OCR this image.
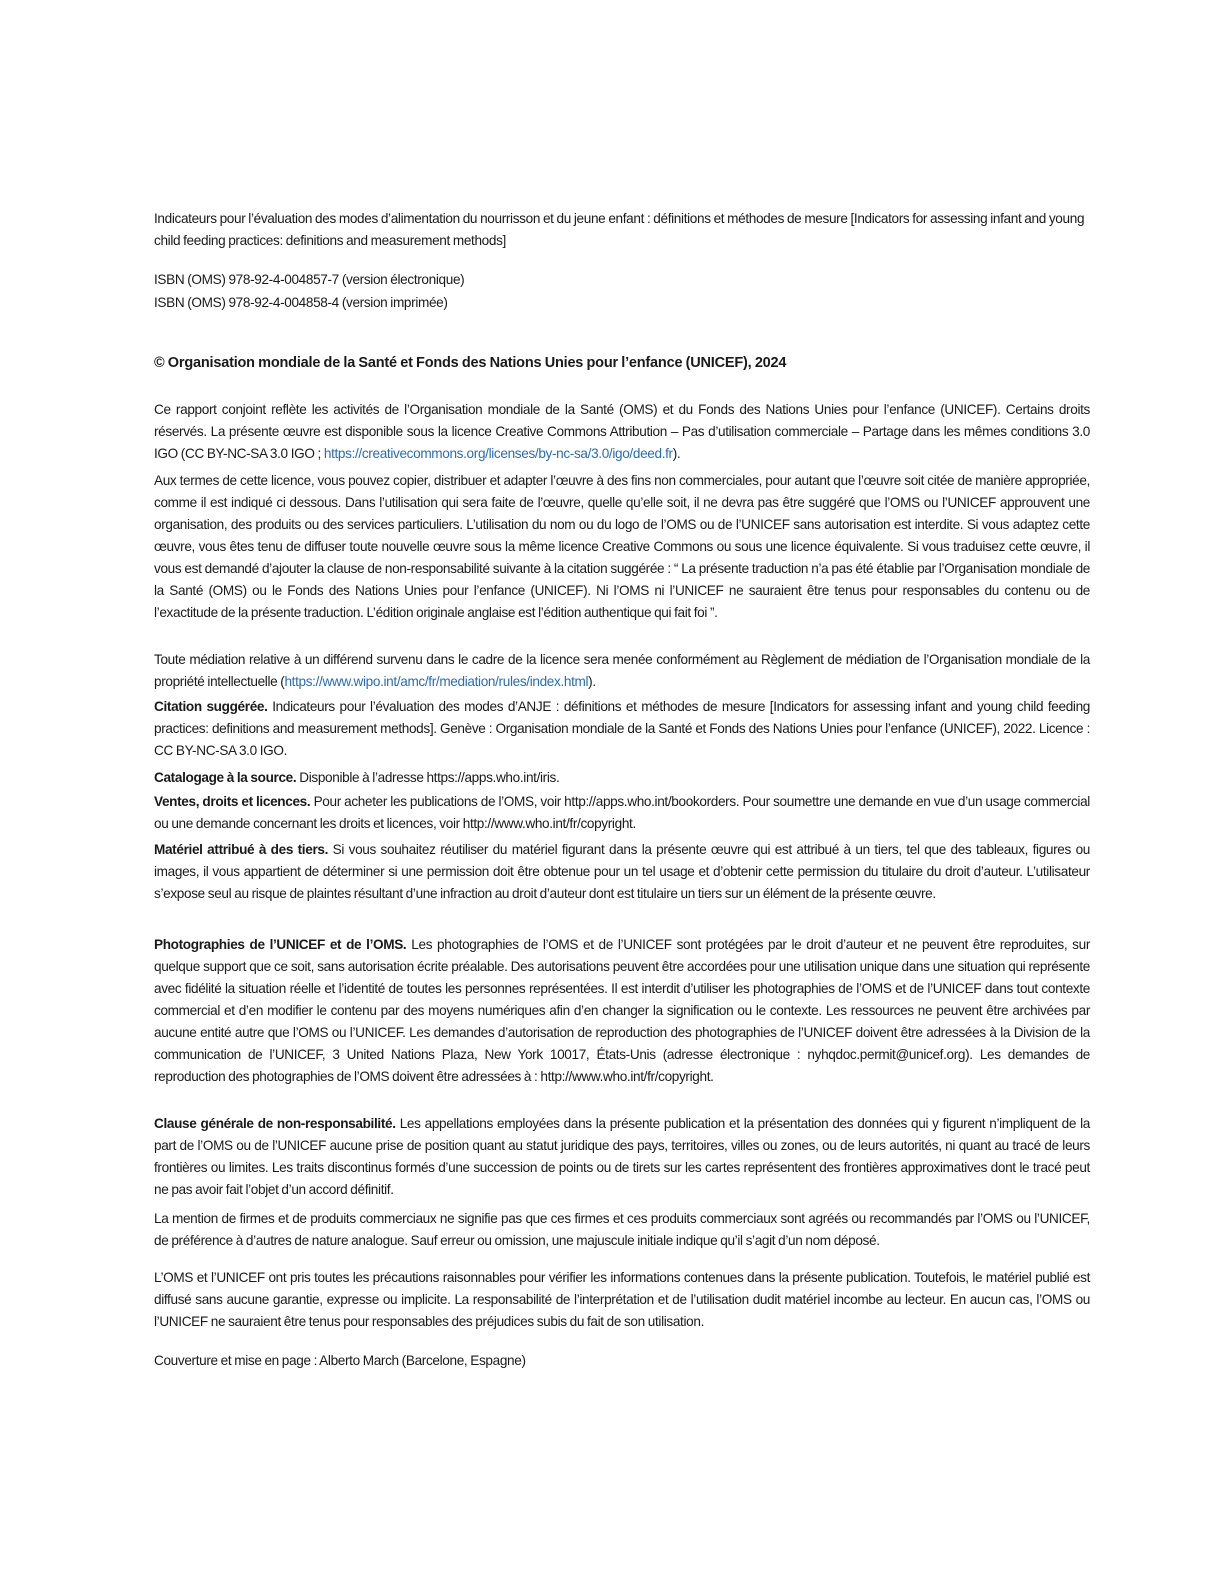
Indicateurs pour l’évaluation des modes d’alimentation du nourrisson et du jeune enfant : définitions et méthodes de mesure [Indicators for assessing infant and young child feeding practices: definitions and measurement methods]
ISBN (OMS) 978-92-4-004857-7 (version électronique)
ISBN (OMS) 978-92-4-004858-4 (version imprimée)
© Organisation mondiale de la Santé et Fonds des Nations Unies pour l’enfance (UNICEF), 2024
Ce rapport conjoint reflète les activités de l’Organisation mondiale de la Santé (OMS) et du Fonds des Nations Unies pour l’enfance (UNICEF). Certains droits réservés. La présente œuvre est disponible sous la licence Creative Commons Attribution – Pas d’utilisation commerciale – Partage dans les mêmes conditions 3.0 IGO (CC BY-NC-SA 3.0 IGO ; https://creativecommons.org/licenses/by-nc-sa/3.0/igo/deed.fr).
Aux termes de cette licence, vous pouvez copier, distribuer et adapter l’œuvre à des fins non commerciales, pour autant que l’œuvre soit citée de manière appropriée, comme il est indiqué ci dessous. Dans l’utilisation qui sera faite de l’œuvre, quelle qu’elle soit, il ne devra pas être suggéré que l’OMS ou l’UNICEF approuvent une organisation, des produits ou des services particuliers. L’utilisation du nom ou du logo de l’OMS ou de l’UNICEF sans autorisation est interdite. Si vous adaptez cette œuvre, vous êtes tenu de diffuser toute nouvelle œuvre sous la même licence Creative Commons ou sous une licence équivalente. Si vous traduisez cette œuvre, il vous est demandé d’ajouter la clause de non-responsabilité suivante à la citation suggérée : “ La présente traduction n’a pas été établie par l’Organisation mondiale de la Santé (OMS) ou le Fonds des Nations Unies pour l’enfance (UNICEF). Ni l’OMS ni l’UNICEF ne sauraient être tenus pour responsables du contenu ou de l’exactitude de la présente traduction. L’édition originale anglaise est l’édition authentique qui fait foi ”.
Toute médiation relative à un différend survenu dans le cadre de la licence sera menée conformément au Règlement de médiation de l’Organisation mondiale de la propriété intellectuelle (https://www.wipo.int/amc/fr/mediation/rules/index.html).
Citation suggérée. Indicateurs pour l’évaluation des modes d’ANJE : définitions et méthodes de mesure [Indicators for assessing infant and young child feeding practices: definitions and measurement methods]. Genève : Organisation mondiale de la Santé et Fonds des Nations Unies pour l’enfance (UNICEF), 2022. Licence : CC BY-NC-SA 3.0 IGO.
Catalogage à la source. Disponible à l’adresse https://apps.who.int/iris.
Ventes, droits et licences. Pour acheter les publications de l’OMS, voir http://apps.who.int/bookorders. Pour soumettre une demande en vue d’un usage commercial ou une demande concernant les droits et licences, voir http://www.who.int/fr/copyright.
Matériel attribué à des tiers. Si vous souhaitez réutiliser du matériel figurant dans la présente œuvre qui est attribué à un tiers, tel que des tableaux, figures ou images, il vous appartient de déterminer si une permission doit être obtenue pour un tel usage et d’obtenir cette permission du titulaire du droit d’auteur. L’utilisateur s’expose seul au risque de plaintes résultant d’une infraction au droit d’auteur dont est titulaire un tiers sur un élément de la présente œuvre.
Photographies de l’UNICEF et de l’OMS. Les photographies de l’OMS et de l’UNICEF sont protégées par le droit d’auteur et ne peuvent être reproduites, sur quelque support que ce soit, sans autorisation écrite préalable. Des autorisations peuvent être accordées pour une utilisation unique dans une situation qui représente avec fidélité la situation réelle et l’identité de toutes les personnes représentées. Il est interdit d’utiliser les photographies de l’OMS et de l’UNICEF dans tout contexte commercial et d’en modifier le contenu par des moyens numériques afin d’en changer la signification ou le contexte. Les ressources ne peuvent être archivées par aucune entité autre que l’OMS ou l’UNICEF. Les demandes d’autorisation de reproduction des photographies de l’UNICEF doivent être adressées à la Division de la communication de l’UNICEF, 3 United Nations Plaza, New York 10017, États-Unis (adresse électronique : nyhqdoc.permit@unicef.org). Les demandes de reproduction des photographies de l’OMS doivent être adressées à : http://www.who.int/fr/copyright.
Clause générale de non-responsabilité. Les appellations employées dans la présente publication et la présentation des données qui y figurent n’impliquent de la part de l’OMS ou de l’UNICEF aucune prise de position quant au statut juridique des pays, territoires, villes ou zones, ou de leurs autorités, ni quant au tracé de leurs frontières ou limites. Les traits discontinus formés d’une succession de points ou de tirets sur les cartes représentent des frontières approximatives dont le tracé peut ne pas avoir fait l’objet d’un accord définitif.
La mention de firmes et de produits commerciaux ne signifie pas que ces firmes et ces produits commerciaux sont agréés ou recommandés par l’OMS ou l’UNICEF, de préférence à d’autres de nature analogue. Sauf erreur ou omission, une majuscule initiale indique qu’il s’agit d’un nom déposé.
L’OMS et l’UNICEF ont pris toutes les précautions raisonnables pour vérifier les informations contenues dans la présente publication. Toutefois, le matériel publié est diffusé sans aucune garantie, expresse ou implicite. La responsabilité de l’interprétation et de l’utilisation dudit matériel incombe au lecteur. En aucun cas, l’OMS ou l’UNICEF ne sauraient être tenus pour responsables des préjudices subis du fait de son utilisation.
Couverture et mise en page : Alberto March (Barcelone, Espagne)
